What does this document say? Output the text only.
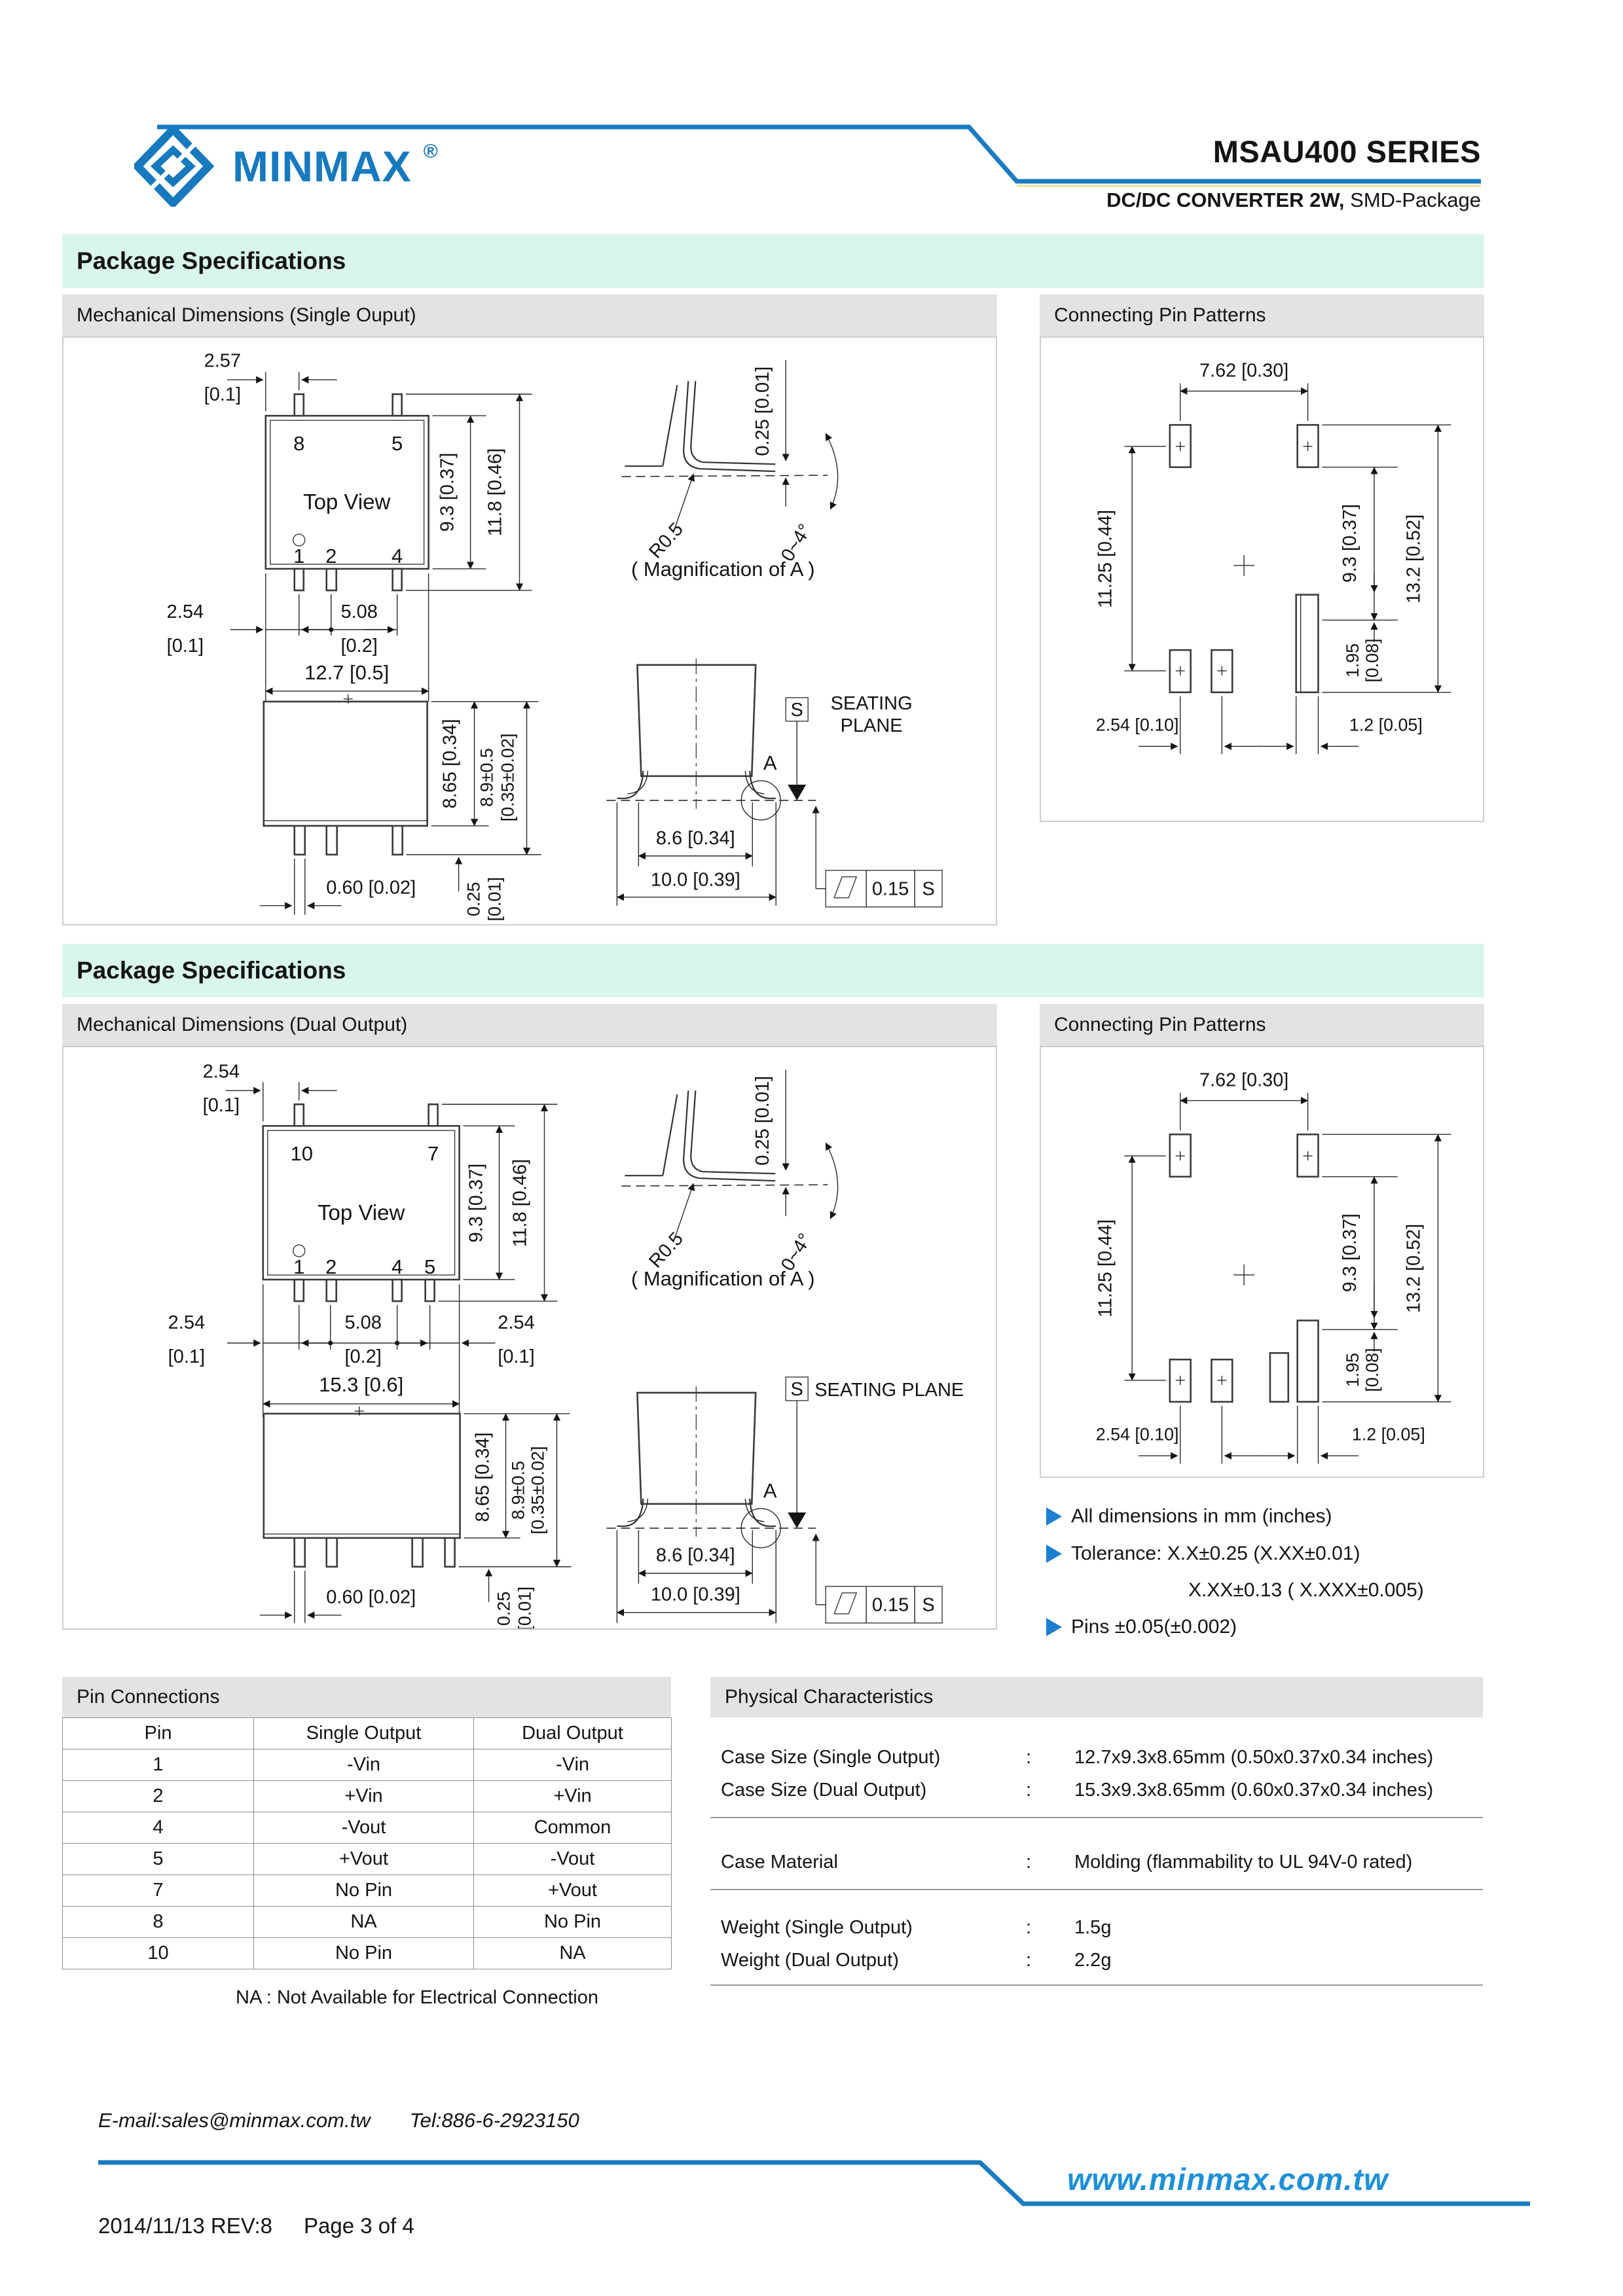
MINMAX ®	MSAU400 SERIES
DC/DC CONVERTER 2W, SMD-Package
Package Specifications
Mechanical Dimensions (Single Ouput)	Connecting Pin Patterns
8	5
Top View
1 2	4
2.57
[0.1]
2.54
[0.1]
5.08
[0.2]
12.7 [0.5]
9.3 [0.37] 11.8 [0.46]
0.25 [0.01]
R0.5	0~4°
( Magnification of A )
8.65 [0.34] 8.9±0.5 [0.35±0.02]
0.60 [0.02]	0.25 [0.01]
A
S SEATING
PLANE
8.6 [0.34]
10.0 [0.39]	0.15 S
7.62 [0.30]
11.25 [0.44]	9.3 [0.37] 13.2 [0.52]
1.95 [0.08]
2.54 [0.10]	1.2 [0.05]
Package Specifications
Mechanical Dimensions (Dual Output)	Connecting Pin Patterns
10	7
Top View
1 2	4 5
2.54
[0.1]
2.54
[0.1]
5.08
[0.2]
2.54
[0.1]
15.3 [0.6]
9.3 [0.37] 11.8 [0.46]
0.25 [0.01]
R0.5	0~4°
( Magnification of A )
8.65 [0.34] 8.9±0.5 [0.35±0.02]
0.60 [0.02]	0.25 [0.01]
A
S SEATING PLANE
8.6 [0.34]
10.0 [0.39]	0.15 S
7.62 [0.30]
11.25 [0.44]	9.3 [0.37] 13.2 [0.52]
1.95 [0.08]
2.54 [0.10]	1.2 [0.05]
All dimensions in mm (inches)
Tolerance: X.X±0.25 (X.XX±0.01)
X.XX±0.13 ( X.XXX±0.005)
Pins ±0.05(±0.002)
Pin Connections
Pin	Single Output	Dual Output
1	-Vin	-Vin
2	+Vin	+Vin
4	-Vout	Common
5	+Vout	-Vout
7	No Pin	+Vout
8	NA	No Pin
10	No Pin	NA
NA : Not Available for Electrical Connection
Physical Characteristics
Case Size (Single Output)	: 12.7x9.3x8.65mm (0.50x0.37x0.34 inches)
Case Size (Dual Output)	: 15.3x9.3x8.65mm (0.60x0.37x0.34 inches)
Case Material	: Molding (flammability to UL 94V-0 rated)
Weight (Single Output)	: 1.5g
Weight (Dual Output)	: 2.2g
E-mail:sales@minmax.com.tw Tel:886-6-2923150
www.minmax.com.tw
2014/11/13 REV:8 Page 3 of 4
